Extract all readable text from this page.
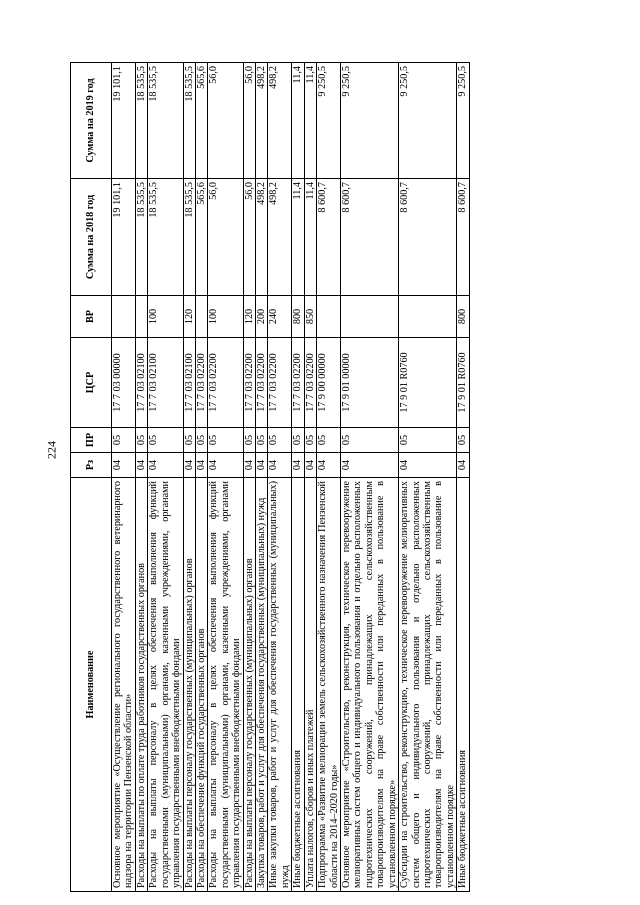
224
Наименование	Рз	ПР	ЦСР	ВР	Сумма на 2018 год	Сумма на 2019 год
Основное мероприятие «Осуществление регионального государственного ветеринарного надзора на территории Пензенской области»	04	05	17 7 03 00000		19 101,1	19 101,1
Расходы на выплаты по оплате труда работников государственных органов	04	05	17 7 03 02100		18 535,5	18 535,5
Расходы на выплаты персоналу в целях обеспечения выполнения функций государственными (муниципальными) органами, казенными учреждениями, органами управления государственными внебюджетными фондами	04	05	17 7 03 02100	100	18 535,5	18 535,5
Расходы на выплаты персоналу государственных (муниципальных) органов	04	05	17 7 03 02100	120	18 535,5	18 535,5
Расходы на обеспечение функций государственных органов	04	05	17 7 03 02200		565,6	565,6
Расходы на выплаты персоналу в целях обеспечения выполнения функций государственными (муниципальными) органами, казенными учреждениями, органами управления государственными внебюджетными фондами	04	05	17 7 03 02200	100	56,0	56,0
Расходы на выплаты персоналу государственных (муниципальных) органов	04	05	17 7 03 02200	120	56,0	56,0
Закупка товаров, работ и услуг для обеспечения государственных (муниципальных) нужд	04	05	17 7 03 02200	200	498,2	498,2
Иные закупки товаров, работ и услуг для обеспечения государственных (муниципальных) нужд	04	05	17 7 03 02200	240	498,2	498,2
Иные бюджетные ассигнования	04	05	17 7 03 02200	800	11,4	11,4
Уплата налогов, сборов и иных платежей	04	05	17 7 03 02200	850	11,4	11,4
Подпрограмма «Развитие мелиорации земель сельскохозяйственного назначения Пензенской области на 2014–2020 годы»	04	05	17 9 00 00000		8 600,7	9 250,5
Основное мероприятие «Строительство, реконструкция, техническое перевооружение мелиоративных систем общего и индивидуального пользования и отдельно расположенных гидротехнических сооружений, принадлежащих сельскохозяйственным товаропроизводителям на праве собственности или переданных в пользование в установленном порядке»	04	05	17 9 01 00000		8 600,7	9 250,5
Субсидии на строительство, реконструкцию, техническое перевооружение мелиоративных систем общего и индивидуального пользования и отдельно расположенных гидротехнических сооружений, принадлежащих сельскохозяйственным товаропроизводителям на праве собственности или переданных в пользование в установленном порядке	04	05	17 9 01 R0760		8 600,7	9 250,5
Иные бюджетные ассигнования	04	05	17 9 01 R0760	800	8 600,7	9 250,5
